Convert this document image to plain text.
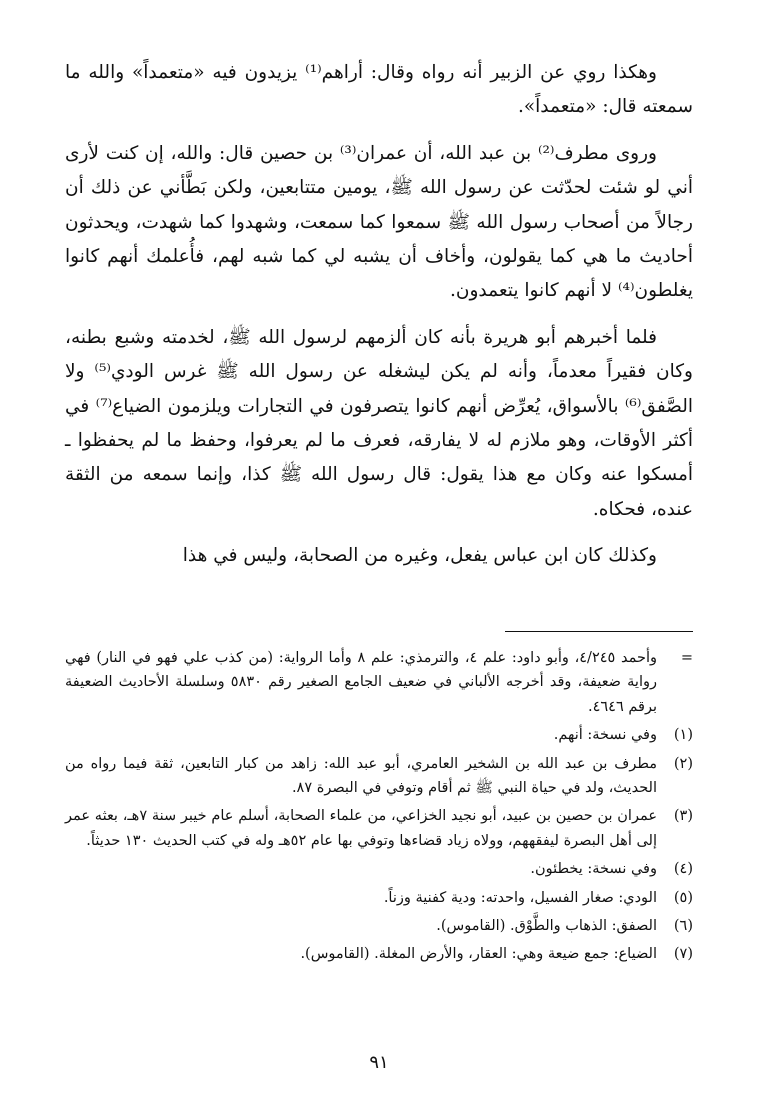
وهكذا روي عن الزبير أنه رواه وقال: أراهم⁽¹⁾ يزيدون فيه «متعمداً» والله ما سمعته قال: «متعمداً».

وروى مطرف⁽²⁾ بن عبد الله، أن عمران⁽³⁾ بن حصين قال: والله، إن كنت لأرى أني لو شئت لحدّثت عن رسول الله ﷺ، يومين متتابعين، ولكن بَطَّأني عن ذلك أن رجالاً من أصحاب رسول الله ﷺ سمعوا كما سمعت، وشهدوا كما شهدت، ويحدثون أحاديث ما هي كما يقولون، وأخاف أن يشبه لي كما شبه لهم، فأُعلمك أنهم كانوا يغلطون⁽⁴⁾ لا أنهم كانوا يتعمدون.

فلما أخبرهم أبو هريرة بأنه كان ألزمهم لرسول الله ﷺ، لخدمته وشبع بطنه، وكان فقيراً معدماً، وأنه لم يكن ليشغله عن رسول الله ﷺ غرس الودي⁽⁵⁾ ولا الصَّفق⁽⁶⁾ بالأسواق، يُعرِّض أنهم كانوا يتصرفون في التجارات ويلزمون الضياع⁽⁷⁾ في أكثر الأوقات، وهو ملازم له لا يفارقه، فعرف ما لم يعرفوا، وحفظ ما لم يحفظوا ـ أمسكوا عنه وكان مع هذا يقول: قال رسول الله ﷺ كذا، وإنما سمعه من الثقة عنده، فحكاه.

وكذلك كان ابن عباس يفعل، وغيره من الصحابة، وليس في هذا

=
وأحمد ٤/٢٤٥، وأبو داود: علم ٤، والترمذي: علم ٨ وأما الرواية: (من كذب علي فهو في النار) فهي رواية ضعيفة، وقد أخرجه الألباني في ضعيف الجامع الصغير رقم ٥٨٣٠ وسلسلة الأحاديث الضعيفة برقم ٤٦٤٦.
(١)
وفي نسخة: أنهم.
(٢)
مطرف بن عبد الله بن الشخير العامري، أبو عبد الله: زاهد من كبار التابعين، ثقة فيما رواه من الحديث، ولد في حياة النبي ﷺ ثم أقام وتوفي في البصرة ٨٧.
(٣)
عمران بن حصين بن عبيد، أبو نجيد الخزاعي، من علماء الصحابة، أسلم عام خيبر سنة ٧هـ، بعثه عمر إلى أهل البصرة ليفقههم، وولاه زياد قضاءها وتوفي بها عام ٥٢هـ وله في كتب الحديث ١٣٠ حديثاً.
(٤)
وفي نسخة: يخطئون.
(٥)
الودي: صغار الفسيل، واحدته: ودية كفنية وزناً.
(٦)
الصفق: الذهاب والطَّوْق. (القاموس).
(٧)
الضياع: جمع ضيعة وهي: العقار، والأرض المغلة. (القاموس).
٩١
